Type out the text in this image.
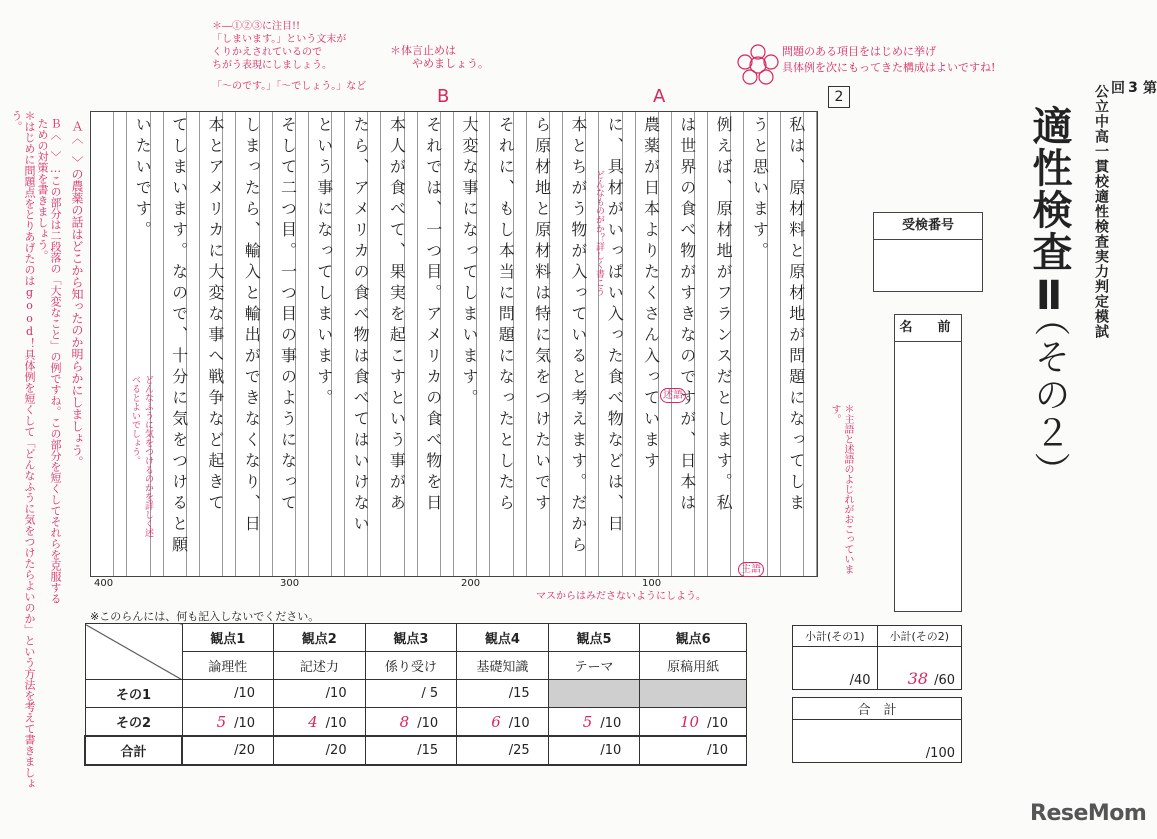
第
3
回
公立中高一貫校適性検査実力判定模試
適性検査Ⅱ
（その２）
2
受検番号
名　前
私は、原材料と原材地が問題になってしま
うと思います。
例えば、原材地がフランスだとします。私
は世界の食べ物がすきなのですが、日本は
農薬が日本よりたくさん入っています
に、具材がいっぱい入った食べ物などは、日
本とちがう物が入っていると考えます。だから
ら原材地と原材料は特に気をつけたいです
それに、もし本当に問題になったとしたら
大変な事になってしまいます。
それでは、一つ目。アメリカの食べ物を日
本人が食べて、果実を起こすという事があ
たら、アメリカの食べ物は食べてはいけない
という事になってしまいます。
そして二つ目。一つ目の事のようになって
しまったら、輸入と輸出ができなくなり、日
本とアメリカに大変な事へ戦争など起きて
てしまいます。なので、十分に気をつけると願
いたいです。
400	300	200	100
＊―①②③に注目!!
「しまいます。」という文末が
くりかえされているので
ちがう表現にしましょう。
「〜のです。」「〜でしょう。」など
＊体言止めは
やめましょう。
B	A
問題のある項目をはじめに挙げ
具体例を次にもってきた構成はよいですね!
＊はじめに問題点をとりあげたのはgood！具体例を短くして「どんなふうに気をつけたらよいのか」という方法を考えて書きましょう。	Ａ〈　〉の農薬の話はどこから知ったのか明らかにしましょう。
Ｂ〈　〉…この部分は二段落の「大変なこと」の例ですね。この部分を短くしてそれらを克服するための対策を書きましょう。
＊主語と述語のよじれがおこっています。
どんなふうに気をつけるのかを詳しく述べるとよいでしょう。
どんなものがか？詳しく書こう
マスからはみださないようにしよう。
主語
述語
※このらんには、何も記入しないでください。
	観点1	観点2	観点3	観点4	観点5	観点6
	論理性	記述力	係り受け	基礎知識	テーマ	原稿用紙
その1	/10	/10	/ 5	/15		
その2	5 /10	4 /10	8 /10	6 /10	5 /10	10 /10
合計	/20	/20	/15	/25	/10	/10
小計(その1)	小計(その2)
/40	38 /60
合　計
/100
ReseMom
